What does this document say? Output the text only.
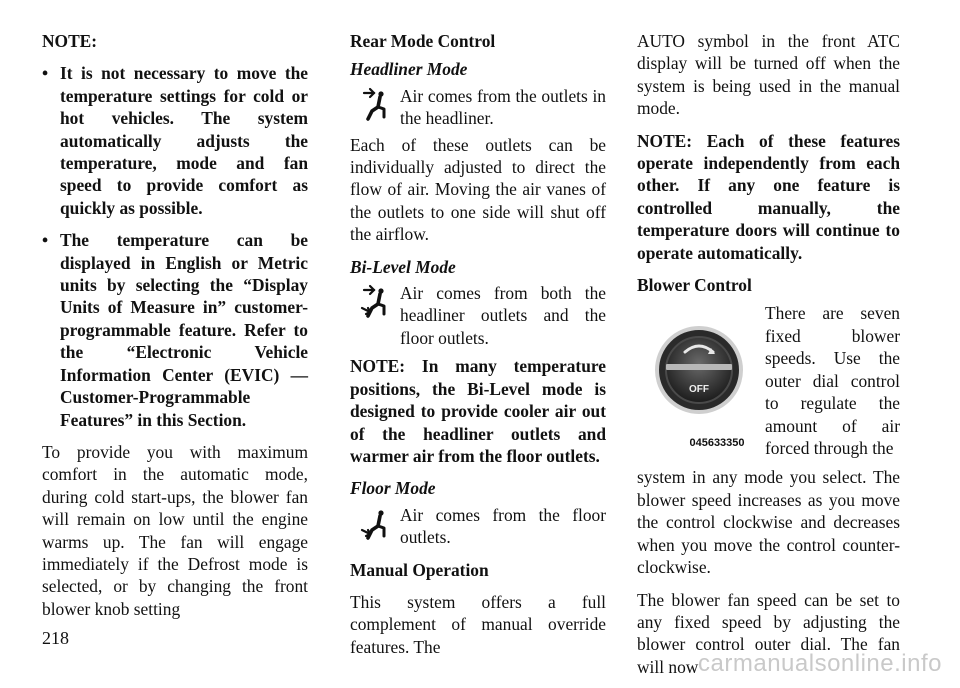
NOTE:

• It is not necessary to move the temperature settings for cold or hot vehicles. The system automatically adjusts the temperature, mode and fan speed to provide comfort as quickly as possible.
• The temperature can be displayed in English or Metric units by selecting the “Display Units of Measure in” customer-programmable feature. Refer to the “Electronic Vehicle Information Center (EVIC) — Customer-Programmable Features” in this Section.

To provide you with maximum comfort in the automatic mode, during cold start-ups, the blower fan will remain on low until the engine warms up. The fan will engage immediately if the Defrost mode is selected, or by changing the front blower knob setting

Rear Mode Control
Headliner Mode
Air comes from the outlets in the headliner.
Each of these outlets can be individually adjusted to direct the flow of air. Moving the air vanes of the outlets to one side will shut off the airflow.
Bi-Level Mode
Air comes from both the headliner outlets and the floor outlets.

NOTE: In many temperature positions, the Bi-Level mode is designed to provide cooler air out of the headliner outlets and warmer air from the floor outlets.

Floor Mode
Air comes from the floor outlets.
Manual Operation

This system offers a full complement of manual override features. The

AUTO symbol in the front ATC display will be turned off when the system is being used in the manual mode.

NOTE: Each of these features operate independently from each other. If any one feature is controlled manually, the temperature doors will continue to operate automatically.

Blower Control
OFF
045633350
There are seven fixed blower speeds. Use the outer dial control to regulate the amount of air forced through the

system in any mode you select. The blower speed increases as you move the control clockwise and decreases when you move the control counter-clockwise.

The blower fan speed can be set to any fixed speed by adjusting the blower control outer dial. The fan will now

218
carmanualsonline.info
